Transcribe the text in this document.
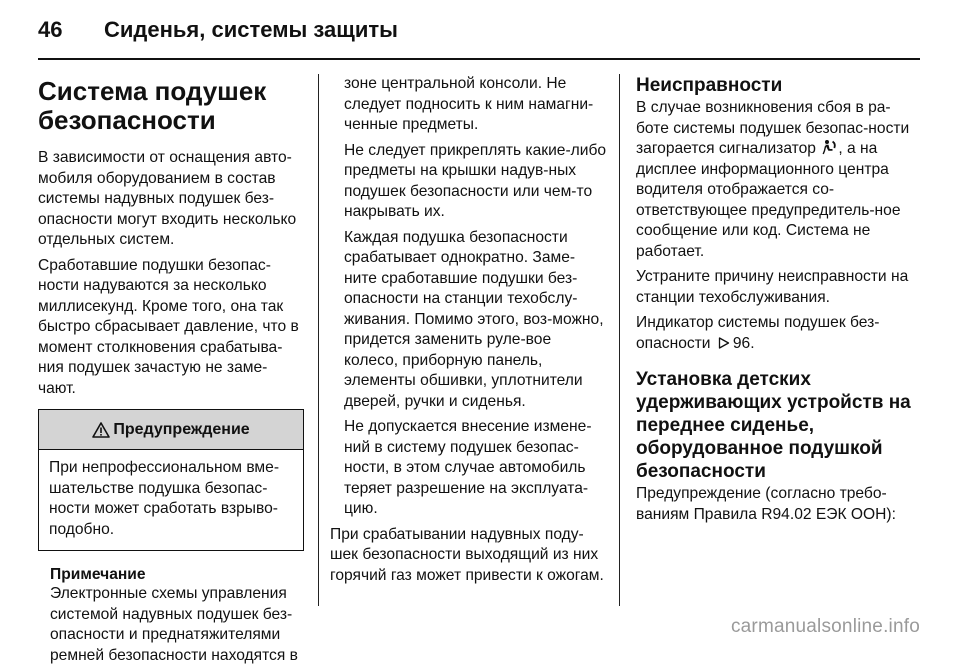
46	Сиденья, системы защиты
Система подушек безопасности

В зависимости от оснащения авто-мобиля оборудованием в состав системы надувных подушек без-опасности могут входить несколько отдельных систем.

Сработавшие подушки безопас-ности надуваются за несколько миллисекунд. Кроме того, она так быстро сбрасывает давление, что в момент столкновения срабатыва-ния подушек зачастую не заме-чают.

Предупреждение
При непрофессиональном вме-шательстве подушка безопас-ности может сработать взрыво-подобно.
Примечание
Электронные схемы управления системой надувных подушек без-опасности и преднатяжителями ремней безопасности находятся в

зоне центральной консоли. Не следует подносить к ним намагни-ченные предметы.

Не следует прикреплять какие-либо предметы на крышки надув-ных подушек безопасности или чем-то накрывать их.

Каждая подушка безопасности срабатывает однократно. Заме-ните сработавшие подушки без-опасности на станции техобслу-живания. Помимо этого, воз-можно, придется заменить руле-вое колесо, приборную панель, элементы обшивки, уплотнители дверей, ручки и сиденья.

Не допускается внесение измене-ний в систему подушек безопас-ности, в этом случае автомобиль теряет разрешение на эксплуата-цию.

При срабатывании надувных поду-шек безопасности выходящий из них горячий газ может привести к ожогам.

Неисправности

В случае возникновения сбоя в ра-боте системы подушек безопас-ности загорается сигнализатор , а на дисплее информационного центра водителя отображается со-ответствующее предупредитель-ное сообщение или код. Система не работает.

Устраните причину неисправности на станции техобслуживания.

Индикатор системы подушек без-опасности 96.

Установка детских удерживающих устройств на переднее сиденье, оборудованное подушкой безопасности

Предупреждение (согласно требо-ваниям Правила R94.02 ЕЭК ООН):

carmanualsonline.info
